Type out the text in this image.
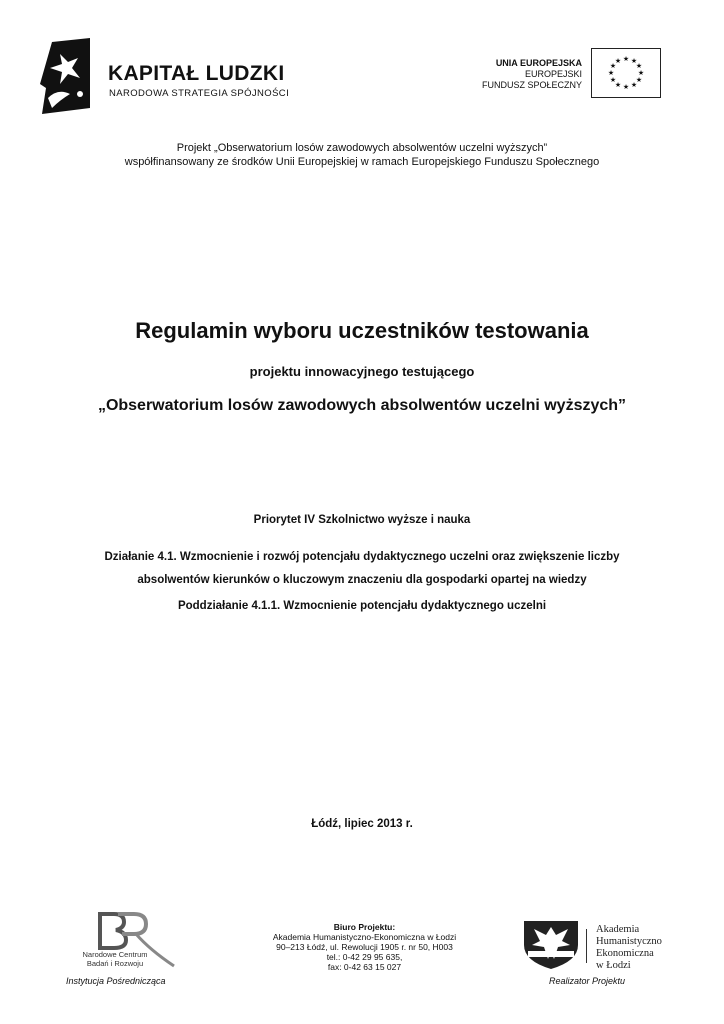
KAPITAŁ LUDZKI
NARODOWA STRATEGIA SPÓJNOŚCI
UNIA EUROPEJSKA
EUROPEJSKI
FUNDUSZ SPOŁECZNY
★ ★
★
★
★
★
★
★
★
★
★
★
Projekt „Obserwatorium losów zawodowych absolwentów uczelni wyższych”
współfinansowany ze środków Unii Europejskiej w ramach Europejskiego Funduszu Społecznego
Regulamin wyboru uczestników testowania
projektu innowacyjnego testującego
„Obserwatorium losów zawodowych absolwentów uczelni wyższych”
Priorytet IV Szkolnictwo wyższe i nauka
Działanie 4.1. Wzmocnienie i rozwój potencjału dydaktycznego uczelni oraz zwiększenie liczby
absolwentów kierunków o kluczowym znaczeniu dla gospodarki opartej na wiedzy
Poddziałanie 4.1.1. Wzmocnienie potencjału dydaktycznego uczelni
Łódź, lipiec 2013 r.
Narodowe Centrum
Badań i Rozwoju
Instytucja Pośrednicząca
Biuro Projektu:
Akademia Humanistyczno-Ekonomiczna w Łodzi
90–213 Łódź, ul. Rewolucji 1905 r. nr 50, H003
tel.: 0-42 29 95 635,
fax: 0-42 63 15 027
Akademia
Humanistyczno
Ekonomiczna
w Łodzi
Realizator Projektu
